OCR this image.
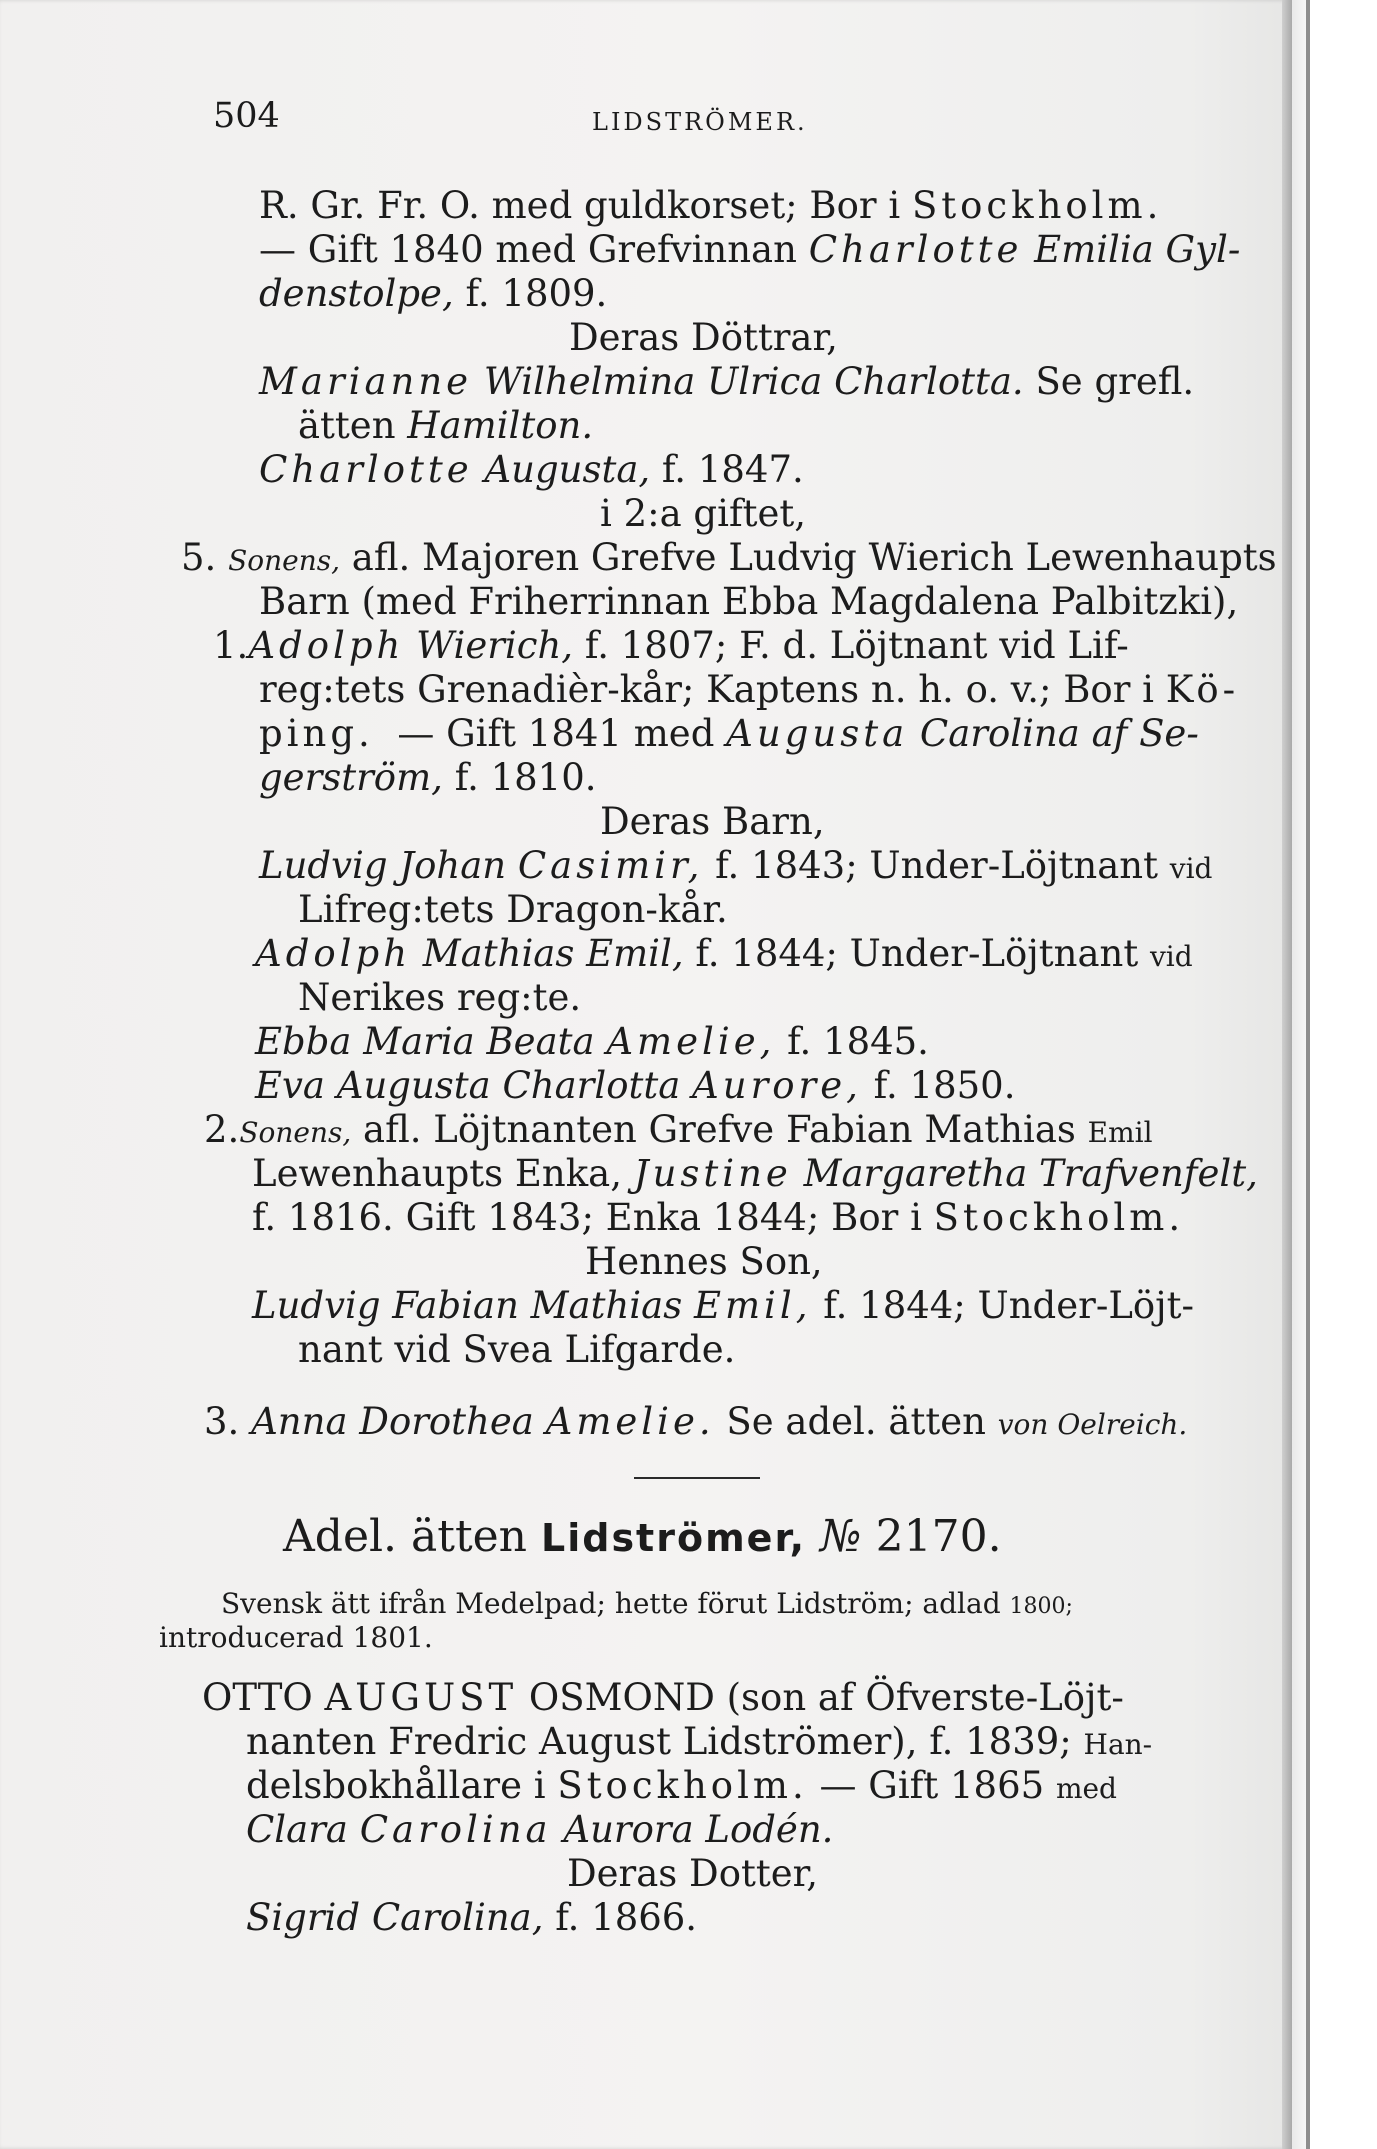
504	LIDSTRÖMER.
R. Gr. Fr. O. med guldkorset; Bor i Stockholm.
— Gift 1840 med Grefvinnan Charlotte Emilia Gyl-
denstolpe, f. 1809.
Deras Döttrar,
Marianne Wilhelmina Ulrica Charlotta. Se grefl.
ätten Hamilton.
Charlotte Augusta, f. 1847.
i 2:a giftet,
5. Sonens, afl. Majoren Grefve Ludvig Wierich Lewenhaupts
Barn (med Friherrinnan Ebba Magdalena Palbitzki),
1.Adolph Wierich, f. 1807; F. d. Löjtnant vid Lif-
reg:tets Grenadièr-kår; Kaptens n. h. o. v.; Bor i Kö-
ping. — Gift 1841 med Augusta Carolina af Se-
gerström, f. 1810.
Deras Barn,
Ludvig Johan Casimir, f. 1843; Under-Löjtnant vid
Lifreg:tets Dragon-kår.
Adolph Mathias Emil, f. 1844; Under-Löjtnant vid
Nerikes reg:te.
Ebba Maria Beata Amelie, f. 1845.
Eva Augusta Charlotta Aurore, f. 1850.
2.Sonens, afl. Löjtnanten Grefve Fabian Mathias Emil
Lewenhaupts Enka, Justine Margaretha Trafvenfelt,
f. 1816. Gift 1843; Enka 1844; Bor i Stockholm.
Hennes Son,
Ludvig Fabian Mathias Emil, f. 1844; Under-Löjt-
nant vid Svea Lifgarde.
3. Anna Dorothea Amelie. Se adel. ätten von Oelreich.
Adel. ätten Lidströmer, № 2170.
Svensk ätt ifrån Medelpad; hette förut Lidström; adlad 1800;
introducerad 1801.
OTTO AUGUST OSMOND (son af Öfverste-Löjt-
nanten Fredric August Lidströmer), f. 1839; Han-
delsbokhållare i Stockholm. — Gift 1865 med
Clara Carolina Aurora Lodén.
Deras Dotter,
Sigrid Carolina, f. 1866.
